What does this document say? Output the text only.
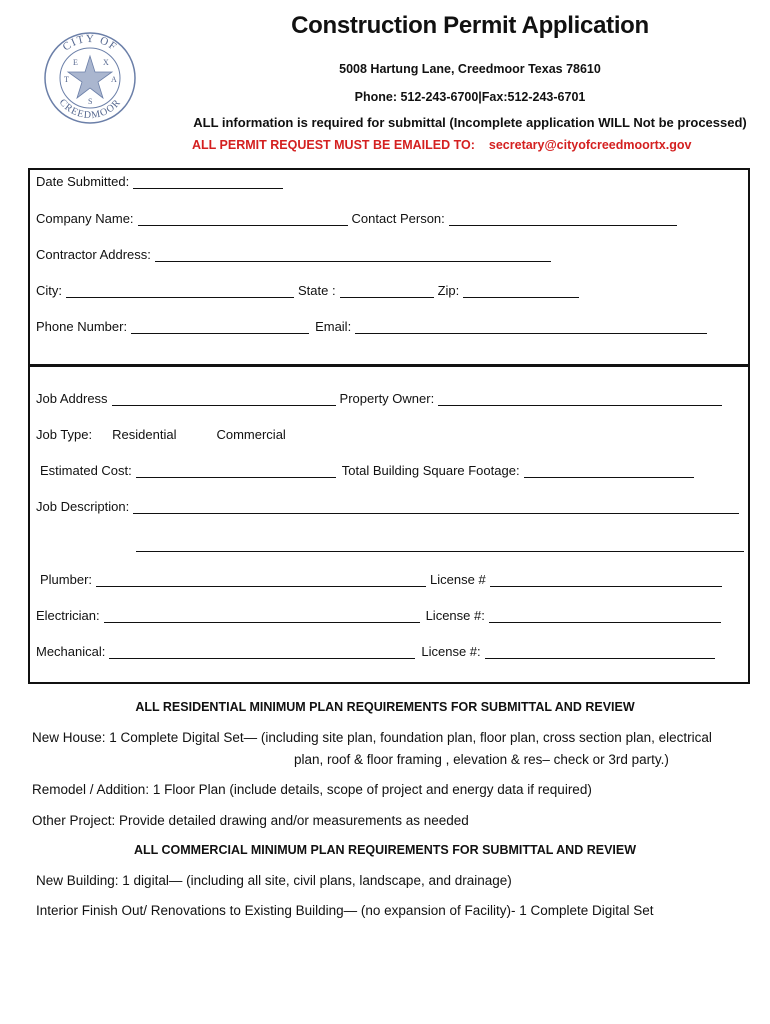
CITY OF
CREEDMOOR
T
E	X
A
S
Construction Permit Application
5008 Hartung Lane, Creedmoor Texas 78610
Phone: 512-243-6700|Fax:512-243-6701
ALL information is required for submittal (Incomplete application WILL Not be processed)
ALL PERMIT REQUEST MUST BE EMAILED TO: secretary@cityofcreedmoortx.gov
Date Submitted:
Company Name:	Contact Person:
Contractor Address:
City:	State :	Zip:
Phone Number:	Email:
Job Address	Property Owner:
Job Type: Residential	Commercial
Estimated Cost:	Total Building Square Footage:
Job Description:
Plumber:	License #
Electrician:	License #:
Mechanical:	License #:
ALL RESIDENTIAL MINIMUM PLAN REQUIREMENTS FOR SUBMITTAL AND REVIEW
New House: 1 Complete Digital Set— (including site plan, foundation plan, floor plan, cross section plan, electrical
plan, roof & floor framing , elevation & res– check or 3rd party.)
Remodel / Addition: 1 Floor Plan (include details, scope of project and energy data if required)
Other Project: Provide detailed drawing and/or measurements as needed
ALL COMMERCIAL MINIMUM PLAN REQUIREMENTS FOR SUBMITTAL AND REVIEW
New Building: 1 digital— (including all site, civil plans, landscape, and drainage)
Interior Finish Out/ Renovations to Existing Building— (no expansion of Facility)- 1 Complete Digital Set
